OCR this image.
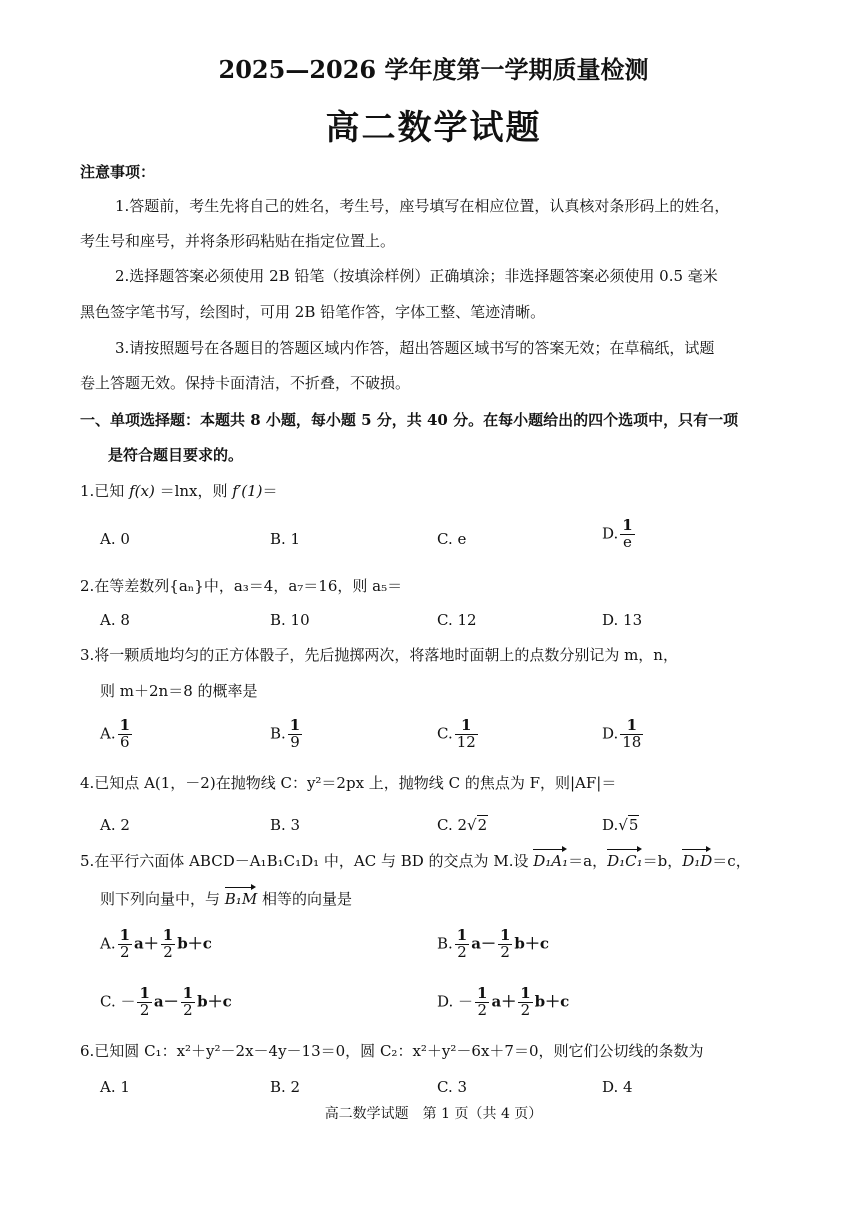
2025—2026 学年度第一学期质量检测
高二数学试题
注意事项：
1.答题前，考生先将自己的姓名，考生号，座号填写在相应位置，认真核对条形码上的姓名，
考生号和座号，并将条形码粘贴在指定位置上。
2.选择题答案必须使用 2B 铅笔（按填涂样例）正确填涂；非选择题答案必须使用 0.5 毫米
黑色签字笔书写，绘图时，可用 2B 铅笔作答，字体工整、笔迹清晰。
3.请按照题号在各题目的答题区域内作答，超出答题区域书写的答案无效；在草稿纸，试题
卷上答题无效。保持卡面清洁，不折叠，不破损。
一、单项选择题：本题共 8 小题，每小题 5 分，共 40 分。在每小题给出的四个选项中，只有一项
是符合题目要求的。
1.已知 f(x) ＝lnx，则 f′(1)＝
A. 0	B. 1	C. e	D. $\frac{1}{e}$
2.在等差数列{aₙ}中，a₃＝4，a₇＝16，则 a₅＝
A. 8	B. 10	C. 12	D. 13
3.将一颗质地均匀的正方体骰子，先后抛掷两次，将落地时面朝上的点数分别记为 m，n，
则 m＋2n＝8 的概率是
A. $\frac{1}{6}$	B. $\frac{1}{9}$	C. $\frac{1}{12}$	D. $\frac{1}{18}$
4.已知点 A(1，－2)在抛物线 C：y²＝2px 上，抛物线 C 的焦点为 F，则|AF|＝
A. 2	B. 3	C. 2√2	D.√5
5.在平行六面体 ABCD－A₁B₁C₁D₁ 中，AC 与 BD 的交点为 M.设 D₁A₁＝a，D₁C₁＝b，D₁D＝c，
则下列向量中，与 B₁M 相等的向量是
A. $\frac{1}{2} a+ \frac{1}{2} b+c$	B. $\frac{1}{2} a- \frac{1}{2} b+c$
C. － $\frac{1}{2} a- \frac{1}{2} b+c$	D. － $\frac{1}{2} a+ \frac{1}{2} b+c$
6.已知圆 C₁：x²＋y²－2x－4y－13＝0，圆 C₂：x²＋y²－6x＋7＝0，则它们公切线的条数为
A. 1	B. 2	C. 3	D. 4
高二数学试题　第 1 页（共 4 页）
